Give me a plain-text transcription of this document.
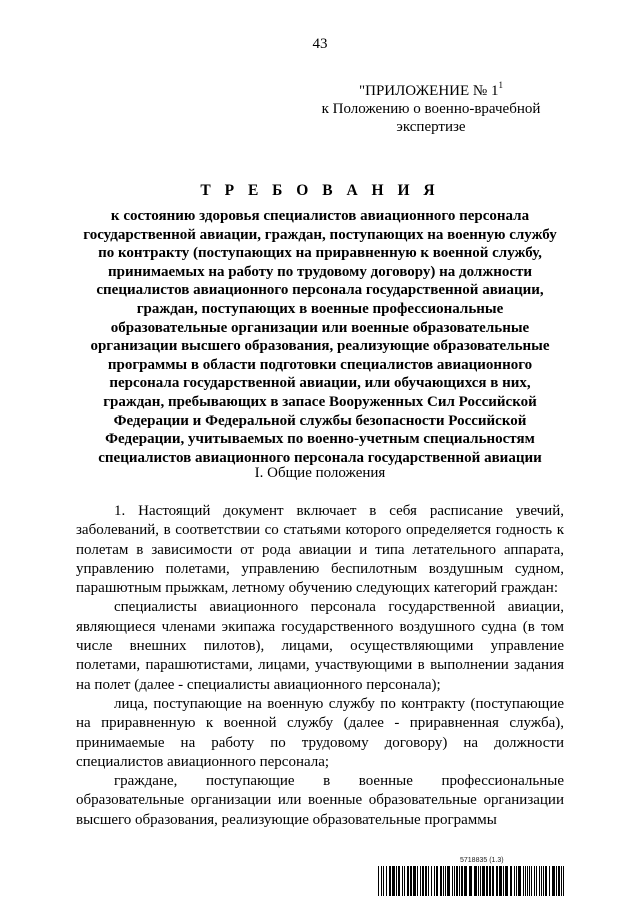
43
"ПРИЛОЖЕНИЕ № $1^1$
к Положению о военно-врачебной
экспертизе
Т Р Е Б О В А Н И Я
к состоянию здоровья специалистов авиационного персонала
государственной авиации, граждан, поступающих на военную службу
по контракту (поступающих на приравненную к военной службу,
принимаемых на работу по трудовому договору) на должности
специалистов авиационного персонала государственной авиации,
граждан, поступающих в военные профессиональные
образовательные организации или военные образовательные
организации высшего образования, реализующие образовательные
программы в области подготовки специалистов авиационного
персонала государственной авиации, или обучающихся в них,
граждан, пребывающих в запасе Вооруженных Сил Российской
Федерации и Федеральной службы безопасности Российской
Федерации, учитываемых по военно-учетным специальностям
специалистов авиационного персонала государственной авиации
I. Общие положения

1. Настоящий документ включает в себя расписание увечий, заболеваний, в соответствии со статьями которого определяется годность к полетам в зависимости от рода авиации и типа летательного аппарата, управлению полетами, управлению беспилотным воздушным судном, парашютным прыжкам, летному обучению следующих категорий граждан:

специалисты авиационного персонала государственной авиации, являющиеся членами экипажа государственного воздушного судна (в том числе внешних пилотов), лицами, осуществляющими управление полетами, парашютистами, лицами, участвующими в выполнении задания на полет (далее - специалисты авиационного персонала);

лица, поступающие на военную службу по контракту (поступающие на приравненную к военной службу (далее - приравненная служба), принимаемые на работу по трудовому договору) на должности специалистов авиационного персонала;

граждане, поступающие в военные профессиональные образовательные организации или военные образовательные организации высшего образования, реализующие образовательные программы

5718835 (1.3)
